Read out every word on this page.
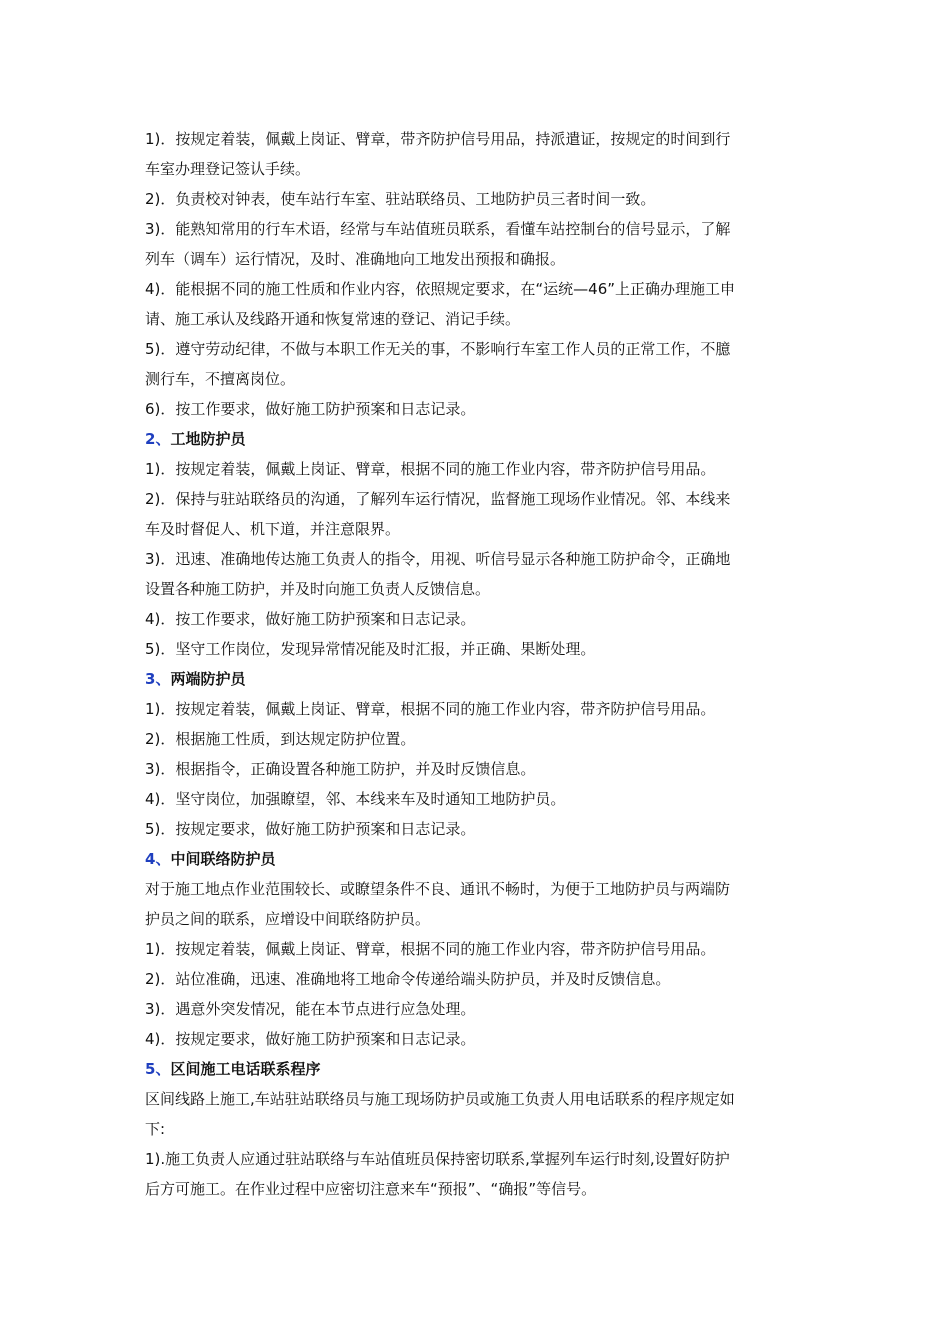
1)．按规定着装，佩戴上岗证、臂章，带齐防护信号用品，持派遣证，按规定的时间到行
车室办理登记签认手续。
2)．负责校对钟表，使车站行车室、驻站联络员、工地防护员三者时间一致。
3)．能熟知常用的行车术语，经常与车站值班员联系，看懂车站控制台的信号显示，了解
列车（调车）运行情况，及时、准确地向工地发出预报和确报。
4)．能根据不同的施工性质和作业内容，依照规定要求，在“运统—46”上正确办理施工申
请、施工承认及线路开通和恢复常速的登记、消记手续。
5)．遵守劳动纪律，不做与本职工作无关的事，不影响行车室工作人员的正常工作，不臆
测行车，不擅离岗位。
6)．按工作要求，做好施工防护预案和日志记录。
2、工地防护员
1)．按规定着装，佩戴上岗证、臂章，根据不同的施工作业内容，带齐防护信号用品。
2)．保持与驻站联络员的沟通，了解列车运行情况，监督施工现场作业情况。邻、本线来
车及时督促人、机下道，并注意限界。
3)．迅速、准确地传达施工负责人的指令，用视、听信号显示各种施工防护命令，正确地
设置各种施工防护，并及时向施工负责人反馈信息。
4)．按工作要求，做好施工防护预案和日志记录。
5)．坚守工作岗位，发现异常情况能及时汇报，并正确、果断处理。
3、两端防护员
1)．按规定着装，佩戴上岗证、臂章，根据不同的施工作业内容，带齐防护信号用品。
2)．根据施工性质，到达规定防护位置。
3)．根据指令，正确设置各种施工防护，并及时反馈信息。
4)．坚守岗位，加强瞭望，邻、本线来车及时通知工地防护员。
5)．按规定要求，做好施工防护预案和日志记录。
4、中间联络防护员
对于施工地点作业范围较长、或瞭望条件不良、通讯不畅时，为便于工地防护员与两端防
护员之间的联系，应增设中间联络防护员。
1)．按规定着装，佩戴上岗证、臂章，根据不同的施工作业内容，带齐防护信号用品。
2)．站位准确，迅速、准确地将工地命令传递给端头防护员，并及时反馈信息。
3)．遇意外突发情况，能在本节点进行应急处理。
4)．按规定要求，做好施工防护预案和日志记录。
5、区间施工电话联系程序
区间线路上施工,车站驻站联络员与施工现场防护员或施工负责人用电话联系的程序规定如
下:
1).施工负责人应通过驻站联络与车站值班员保持密切联系,掌握列车运行时刻,设置好防护
后方可施工。在作业过程中应密切注意来车“预报”、“确报”等信号。
